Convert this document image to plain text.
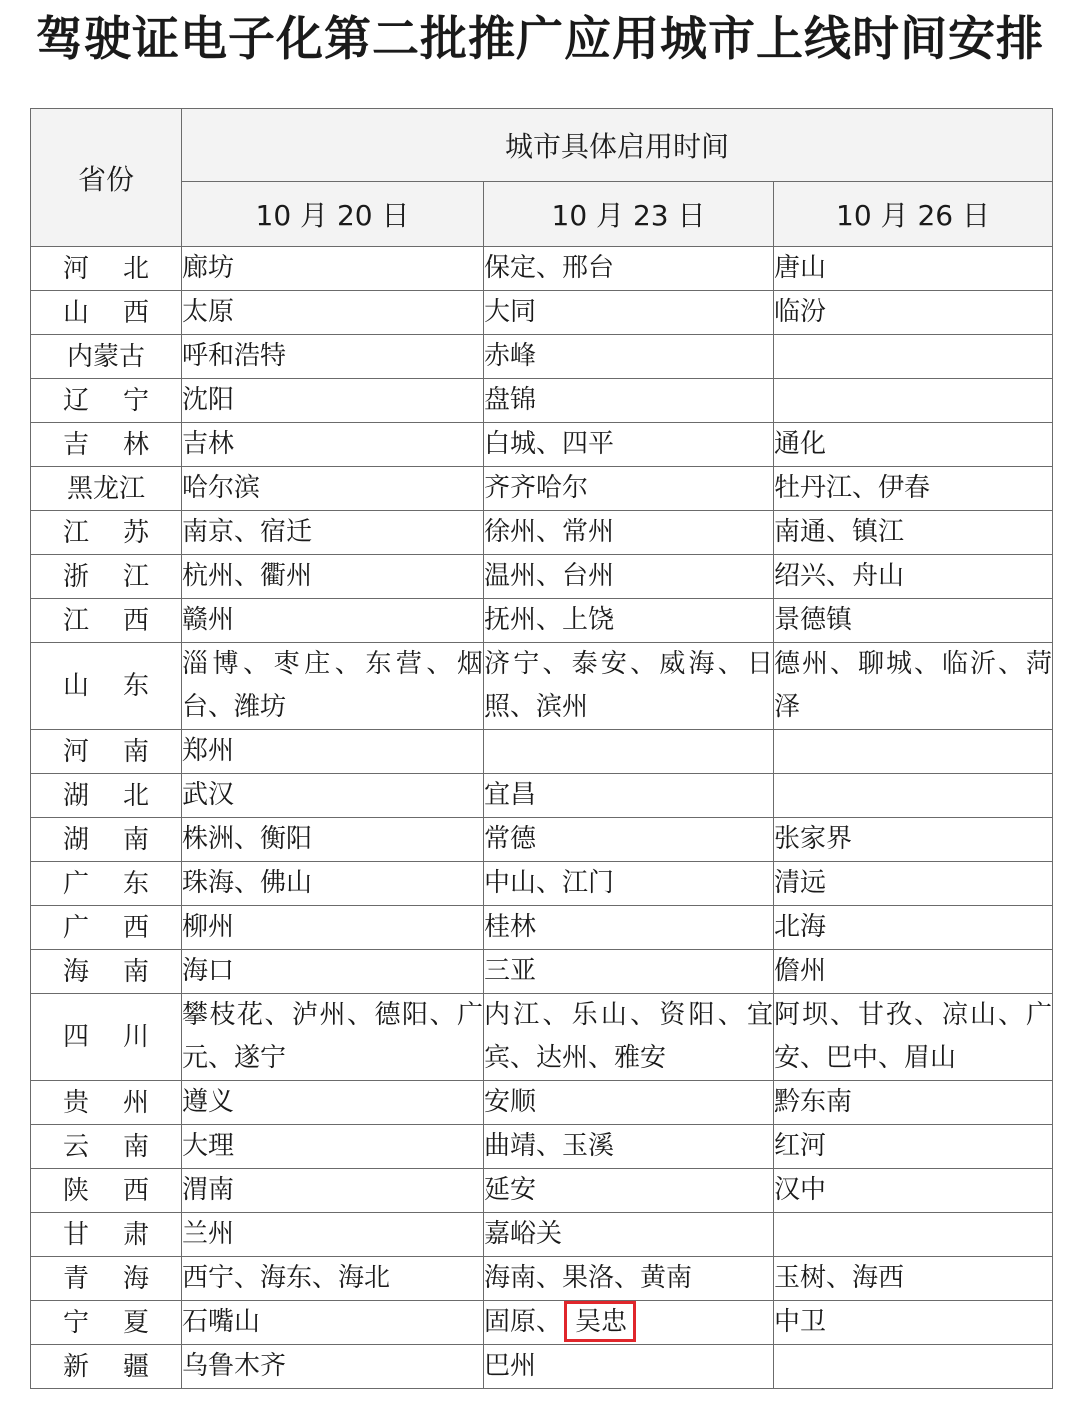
驾驶证电子化第二批推广应用城市上线时间安排
省份	城市具体启用时间		
	10 月 20 日	10 月 23 日	10 月 26 日
河北	廊坊	保定、邢台	唐山
山西	太原	大同	临汾
内蒙古	呼和浩特	赤峰	
辽宁	沈阳	盘锦	
吉林	吉林	白城、四平	通化
黑龙江	哈尔滨	齐齐哈尔	牡丹江、伊春
江苏	南京、宿迁	徐州、常州	南通、镇江
浙江	杭州、衢州	温州、台州	绍兴、舟山
江西	赣州	抚州、上饶	景德镇
山东	淄博、枣庄、东营、烟台、潍坊	济宁、泰安、威海、日照、滨州	德州、聊城、临沂、菏泽
河南	郑州		
湖北	武汉	宜昌	
湖南	株洲、衡阳	常德	张家界
广东	珠海、佛山	中山、江门	清远
广西	柳州	桂林	北海
海南	海口	三亚	儋州
四川	攀枝花、泸州、德阳、广元、遂宁	内江、乐山、资阳、宜宾、达州、雅安	阿坝、甘孜、凉山、广安、巴中、眉山
贵州	遵义	安顺	黔东南
云南	大理	曲靖、玉溪	红河
陕西	渭南	延安	汉中
甘肃	兰州	嘉峪关	
青海	西宁、海东、海北	海南、果洛、黄南	玉树、海西
宁夏	石嘴山	固原、 吴忠	中卫
新疆	乌鲁木齐	巴州	
